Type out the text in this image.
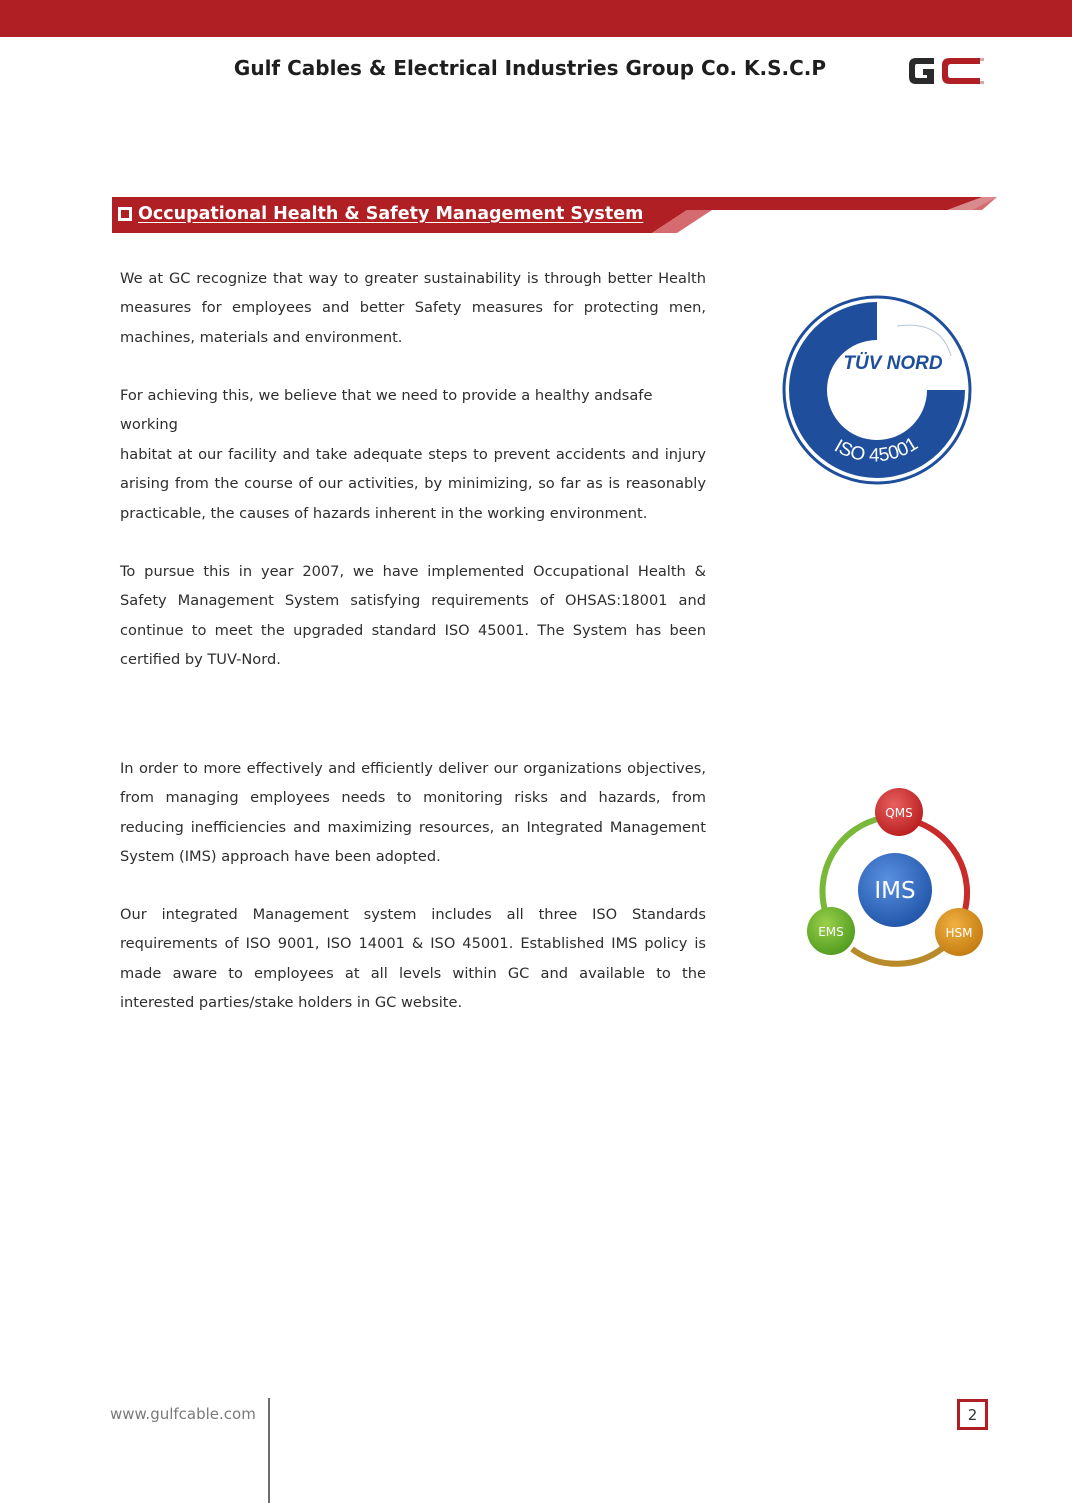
Gulf Cables & Electrical Industries Group Co. K.S.C.P
Occupational Health & Safety Management System

We at GC recognize that way to greater sustainability is through better Health measures for employees and better Safety measures for protecting men, machines, materials and environment.

For achieving this, we believe that we need to provide a healthy andsafe working

habitat at our facility and take adequate steps to prevent accidents and injury arising from the course of our activities, by minimizing, so far as is reasonably practicable, the causes of hazards inherent in the working environment.

To pursue this in year 2007, we have implemented Occupational Health & Safety Management System satisfying requirements of OHSAS:18001 and continue to meet the upgraded standard ISO 45001. The System has been certified by TUV-Nord.

In order to more effectively and efficiently deliver our organizations objectives, from managing employees needs to monitoring risks and hazards, from reducing inefficiencies and maximizing resources, an Integrated Management System (IMS) approach have been adopted.

Our integrated Management system includes all three ISO Standards requirements of ISO 9001, ISO 14001 & ISO 45001. Established IMS policy is made aware to employees at all levels within GC and available to the interested parties/stake holders in GC website.

TÜV NORD
TÜV Middle East
ISO 45001
IMS
QMS
HSM
EMS
www.gulfcable.com	2
